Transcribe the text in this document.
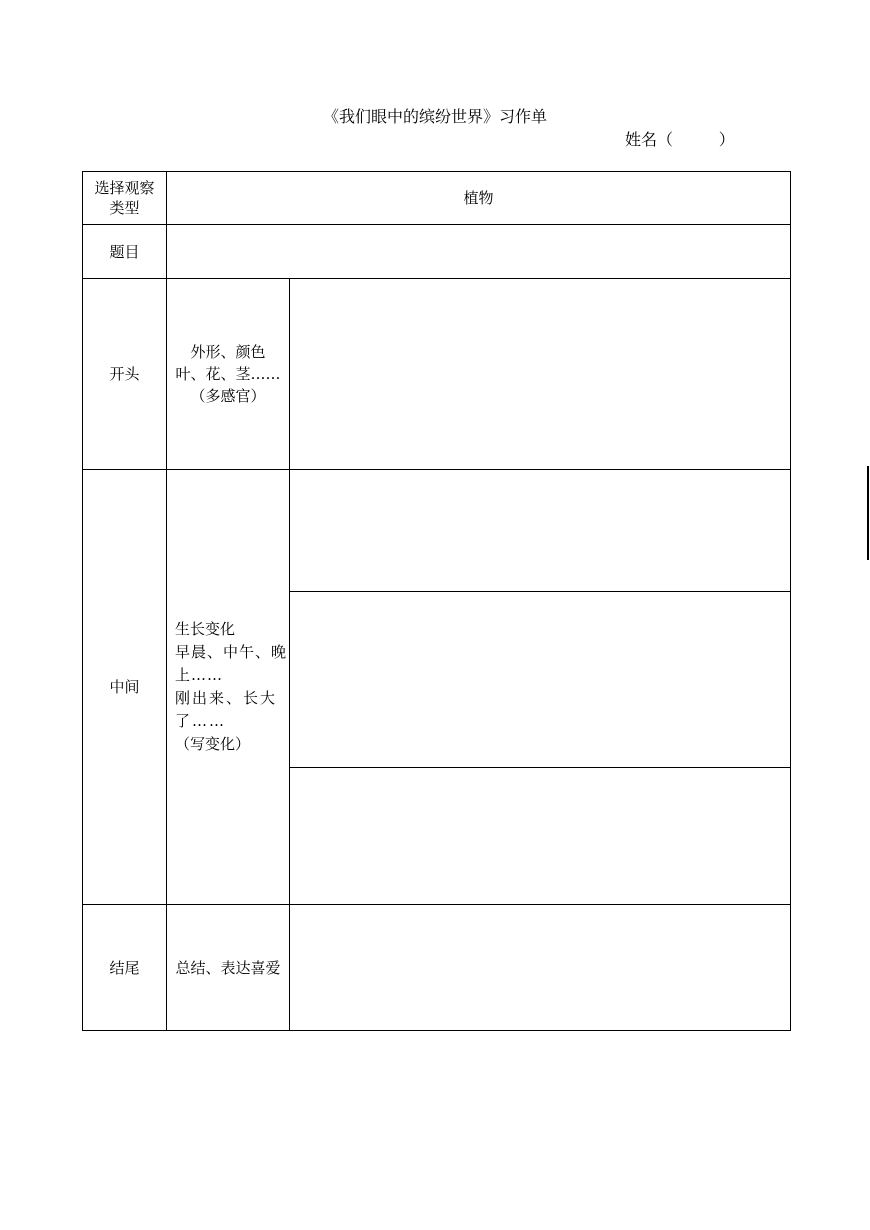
《我们眼中的缤纷世界》习作单
姓名（         ）
选择观察类型	植物	
题目		
开头	外形、颜色
叶、花、茎……
（多感官）	

中间	生长变化
早晨、中午、晚上……
刚出来、长大了……
（写变化）	

结尾	总结、表达喜爱	
